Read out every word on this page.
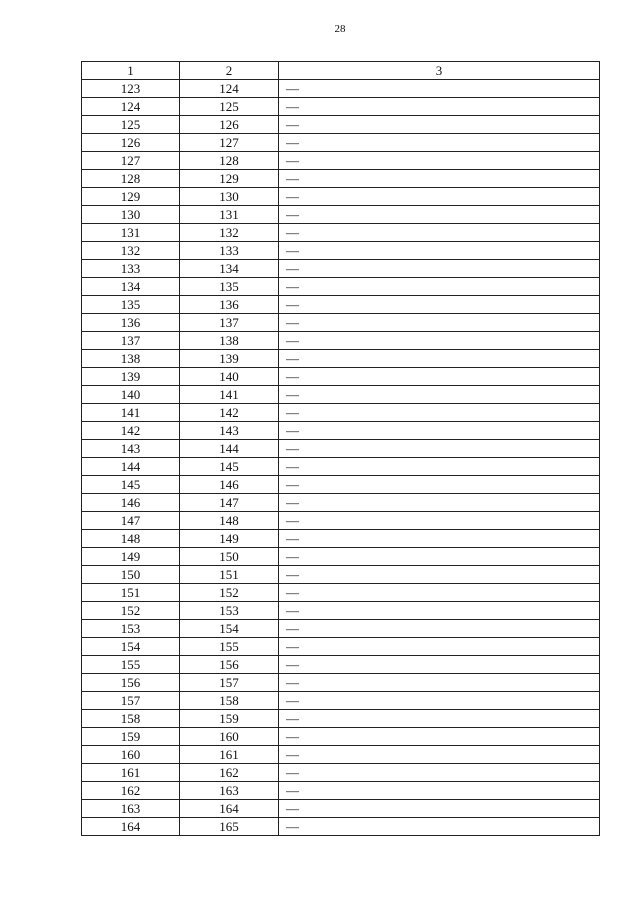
28
1	2	3
123	124	—
124	125	—
125	126	—
126	127	—
127	128	—
128	129	—
129	130	—
130	131	—
131	132	—
132	133	—
133	134	—
134	135	—
135	136	—
136	137	—
137	138	—
138	139	—
139	140	—
140	141	—
141	142	—
142	143	—
143	144	—
144	145	—
145	146	—
146	147	—
147	148	—
148	149	—
149	150	—
150	151	—
151	152	—
152	153	—
153	154	—
154	155	—
155	156	—
156	157	—
157	158	—
158	159	—
159	160	—
160	161	—
161	162	—
162	163	—
163	164	—
164	165	—
